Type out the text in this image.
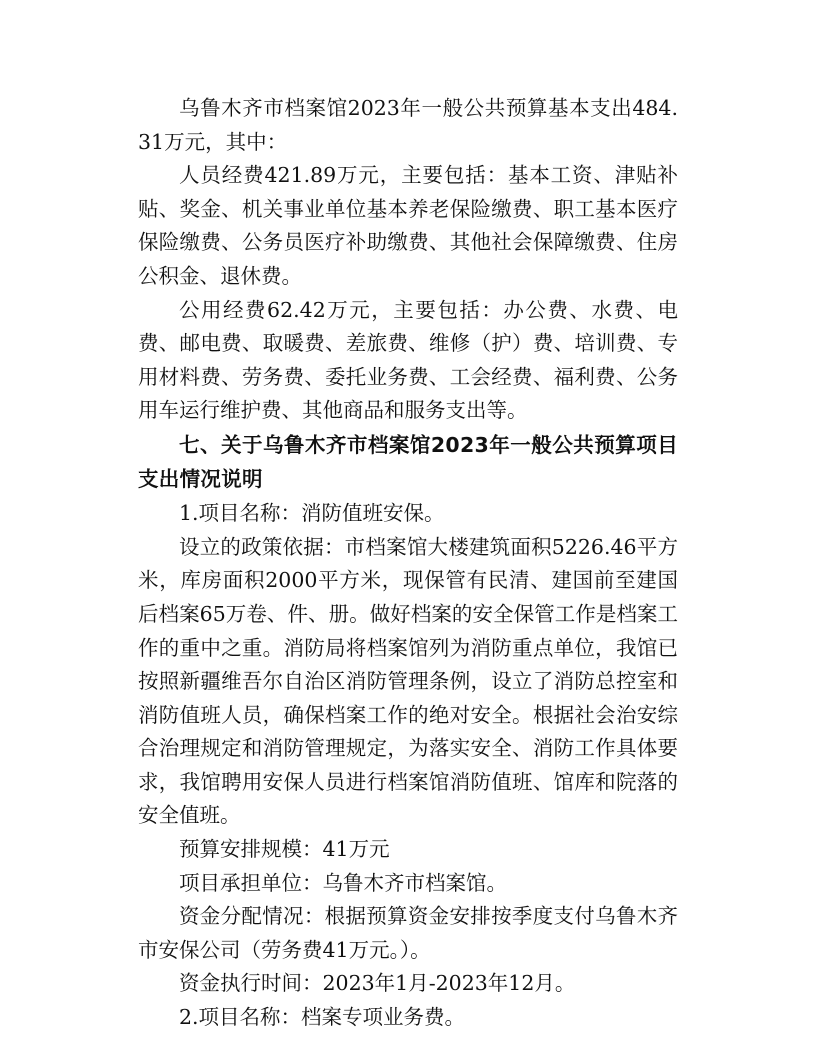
乌鲁木齐市档案馆2023年一般公共预算基本支出484.31万元，其中：

人员经费421.89万元，主要包括：基本工资、津贴补贴、奖金、机关事业单位基本养老保险缴费、职工基本医疗保险缴费、公务员医疗补助缴费、其他社会保障缴费、住房公积金、退休费。

公用经费62.42万元，主要包括：办公费、水费、电费、邮电费、取暖费、差旅费、维修（护）费、培训费、专用材料费、劳务费、委托业务费、工会经费、福利费、公务用车运行维护费、其他商品和服务支出等。

七、关于乌鲁木齐市档案馆2023年一般公共预算项目支出情况说明

1.项目名称：消防值班安保。

设立的政策依据：市档案馆大楼建筑面积5226.46平方米，库房面积2000平方米，现保管有民清、建国前至建国后档案65万卷、件、册。做好档案的安全保管工作是档案工作的重中之重。消防局将档案馆列为消防重点单位，我馆已按照新疆维吾尔自治区消防管理条例，设立了消防总控室和消防值班人员，确保档案工作的绝对安全。根据社会治安综合治理规定和消防管理规定，为落实安全、消防工作具体要求，我馆聘用安保人员进行档案馆消防值班、馆库和院落的安全值班。

预算安排规模：41万元

项目承担单位：乌鲁木齐市档案馆。

资金分配情况：根据预算资金安排按季度支付乌鲁木齐市安保公司（劳务费41万元。）。

资金执行时间：2023年1月-2023年12月。

2.项目名称：档案专项业务费。
